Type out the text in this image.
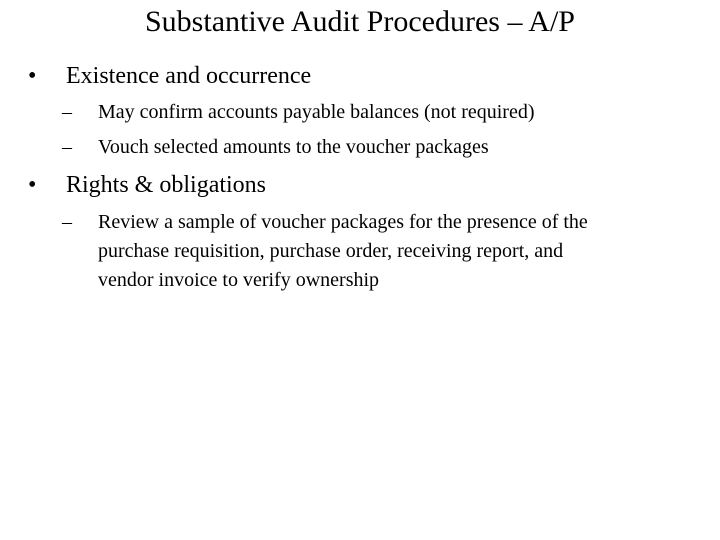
Substantive Audit Procedures – A/P
• Existence and occurrence
– May confirm accounts payable balances (not required)
– Vouch selected amounts to the voucher packages
• Rights & obligations
– Review a sample of voucher packages for the presence of the
purchase requisition, purchase order, receiving report, and
vendor invoice to verify ownership
